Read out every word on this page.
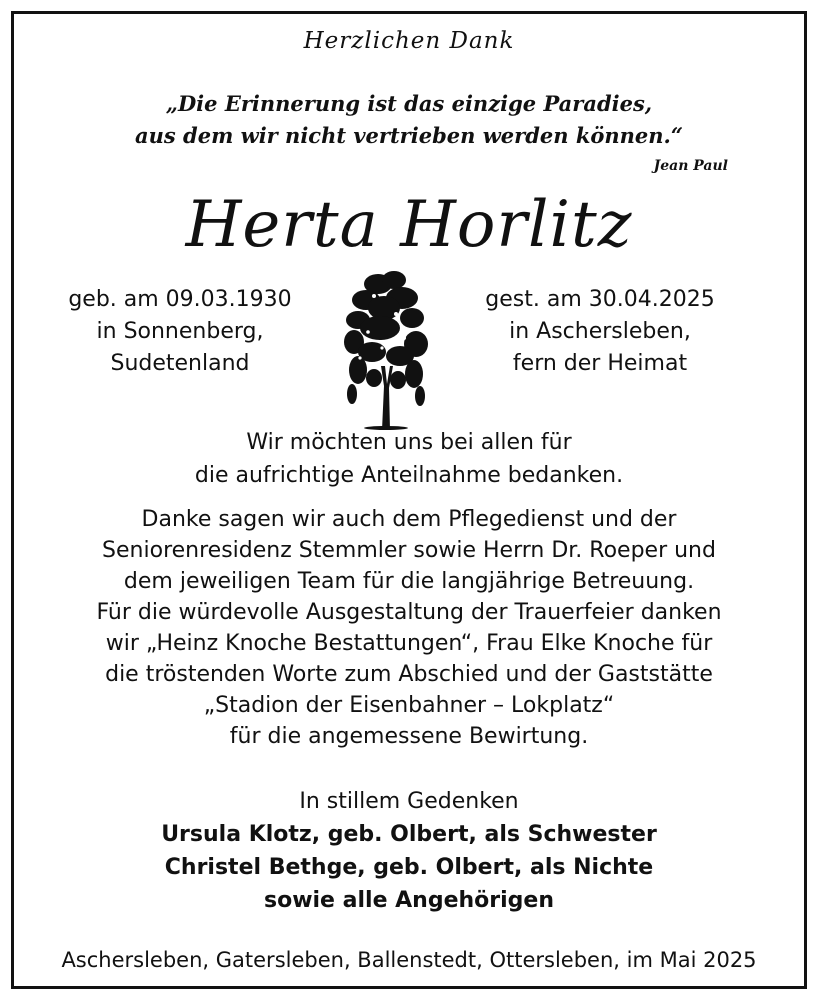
Herzlichen Dank
„Die Erinnerung ist das einzige Paradies,
aus dem wir nicht vertrieben werden können.“
Jean Paul
Herta Horlitz
geb. am 09.03.1930
in Sonnenberg,
Sudetenland
gest. am 30.04.2025
in Aschersleben,
fern der Heimat
Wir möchten uns bei allen für
die aufrichtige Anteilnahme bedanken.
Danke sagen wir auch dem Pflegedienst und der
Seniorenresidenz Stemmler sowie Herrn Dr. Roeper und
dem jeweiligen Team für die langjährige Betreuung.
Für die würdevolle Ausgestaltung der Trauerfeier danken
wir „Heinz Knoche Bestattungen“, Frau Elke Knoche für
die tröstenden Worte zum Abschied und der Gaststätte
„Stadion der Eisenbahner – Lokplatz“
für die angemessene Bewirtung.
In stillem Gedenken
Ursula Klotz, geb. Olbert, als Schwester
Christel Bethge, geb. Olbert, als Nichte
sowie alle Angehörigen
Aschersleben, Gatersleben, Ballenstedt, Ottersleben, im Mai 2025
